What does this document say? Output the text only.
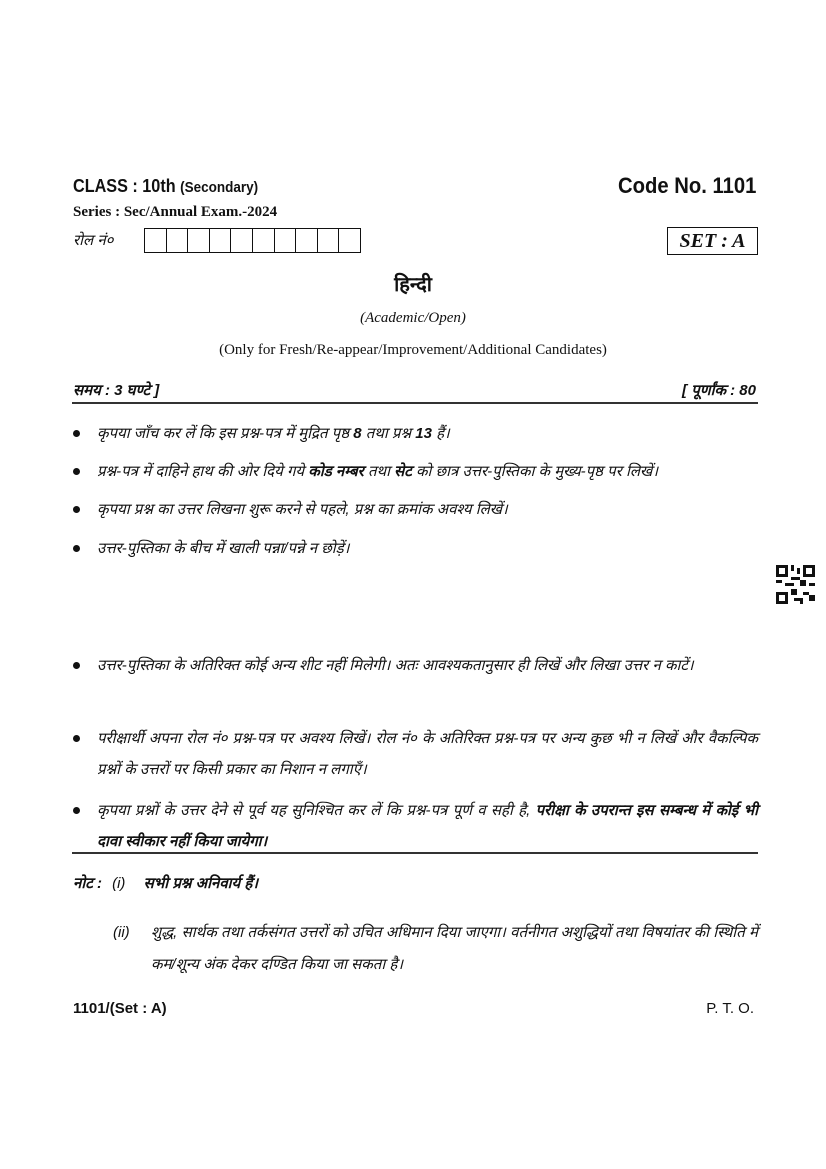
CLASS : 10th (Secondary)	Code No. 1101
Series : Sec/Annual Exam.-2024
रोल नं०	SET : A
हिन्दी
(Academic/Open)
(Only for Fresh/Re-appear/Improvement/Additional Candidates)
समय : 3 घण्टे ]	[ पूर्णांक : 80
कृपया जाँच कर लें कि इस प्रश्न-पत्र में मुद्रित पृष्ठ 8 तथा प्रश्न 13 हैं।
प्रश्न-पत्र में दाहिने हाथ की ओर दिये गये कोड नम्बर तथा सेट को छात्र उत्तर-पुस्तिका के मुख्य-पृष्ठ पर लिखें।
कृपया प्रश्न का उत्तर लिखना शुरू करने से पहले, प्रश्न का क्रमांक अवश्य लिखें।
उत्तर-पुस्तिका के बीच में खाली पन्ना/पन्ने न छोड़ें।
उत्तर-पुस्तिका के अतिरिक्त कोई अन्य शीट नहीं मिलेगी। अतः आवश्यकतानुसार ही लिखें और लिखा उत्तर न काटें।
परीक्षार्थी अपना रोल नं० प्रश्न-पत्र पर अवश्य लिखें। रोल नं० के अतिरिक्त प्रश्न-पत्र पर अन्य कुछ भी न लिखें और वैकल्पिक प्रश्नों के उत्तरों पर किसी प्रकार का निशान न लगाएँ।
कृपया प्रश्नों के उत्तर देने से पूर्व यह सुनिश्चित कर लें कि प्रश्न-पत्र पूर्ण व सही है, परीक्षा के उपरान्त इस सम्बन्ध में कोई भी दावा स्वीकार नहीं किया जायेगा।
नोट : (i) सभी प्रश्न अनिवार्य हैं।
(ii)	शुद्ध, सार्थक तथा तर्कसंगत उत्तरों को उचित अधिमान दिया जाएगा। वर्तनीगत अशुद्धियों तथा विषयांतर की स्थिति में कम/शून्य अंक देकर दण्डित किया जा सकता है।
1101/(Set : A)	P. T. O.
